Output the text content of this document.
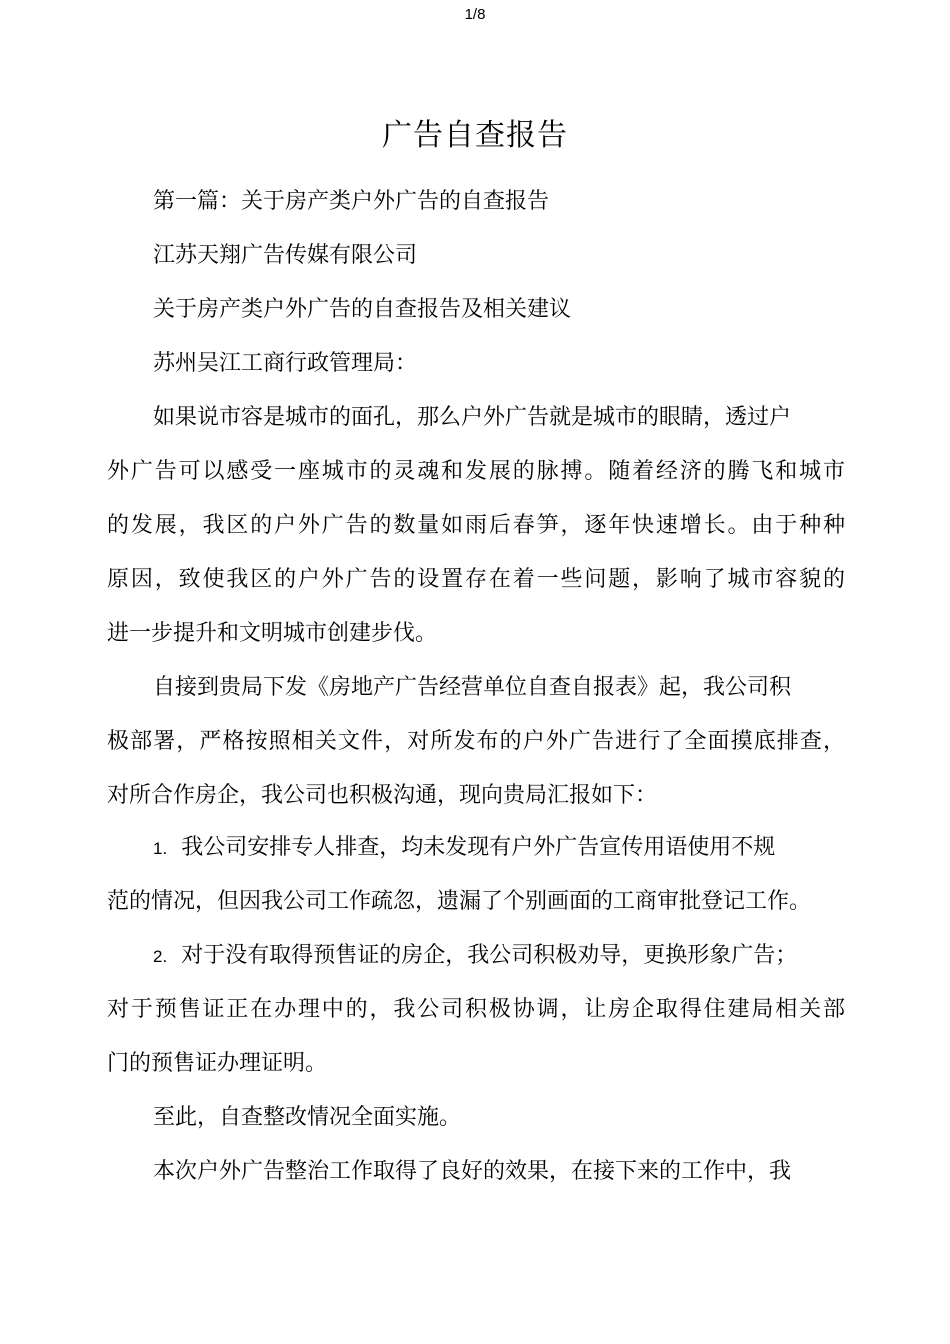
1/8
广告自查报告
第一篇：关于房产类户外广告的自查报告
江苏天翔广告传媒有限公司
关于房产类户外广告的自查报告及相关建议
苏州吴江工商行政管理局：
如果说市容是城市的面孔，那么户外广告就是城市的眼睛，透过户
外广告可以感受一座城市的灵魂和发展的脉搏。随着经济的腾飞和城市
的发展，我区的户外广告的数量如雨后春笋，逐年快速增长。由于种种
原因，致使我区的户外广告的设置存在着一些问题，影响了城市容貌的
进一步提升和文明城市创建步伐。
自接到贵局下发《房地产广告经营单位自查自报表》起，我公司积
极部署，严格按照相关文件，对所发布的户外广告进行了全面摸底排查，
对所合作房企，我公司也积极沟通，现向贵局汇报如下：
1. 我公司安排专人排查，均未发现有户外广告宣传用语使用不规
范的情况，但因我公司工作疏忽，遗漏了个别画面的工商审批登记工作。
2. 对于没有取得预售证的房企，我公司积极劝导，更换形象广告；
对于预售证正在办理中的，我公司积极协调，让房企取得住建局相关部
门的预售证办理证明。
至此，自查整改情况全面实施。
本次户外广告整治工作取得了良好的效果，在接下来的工作中，我
